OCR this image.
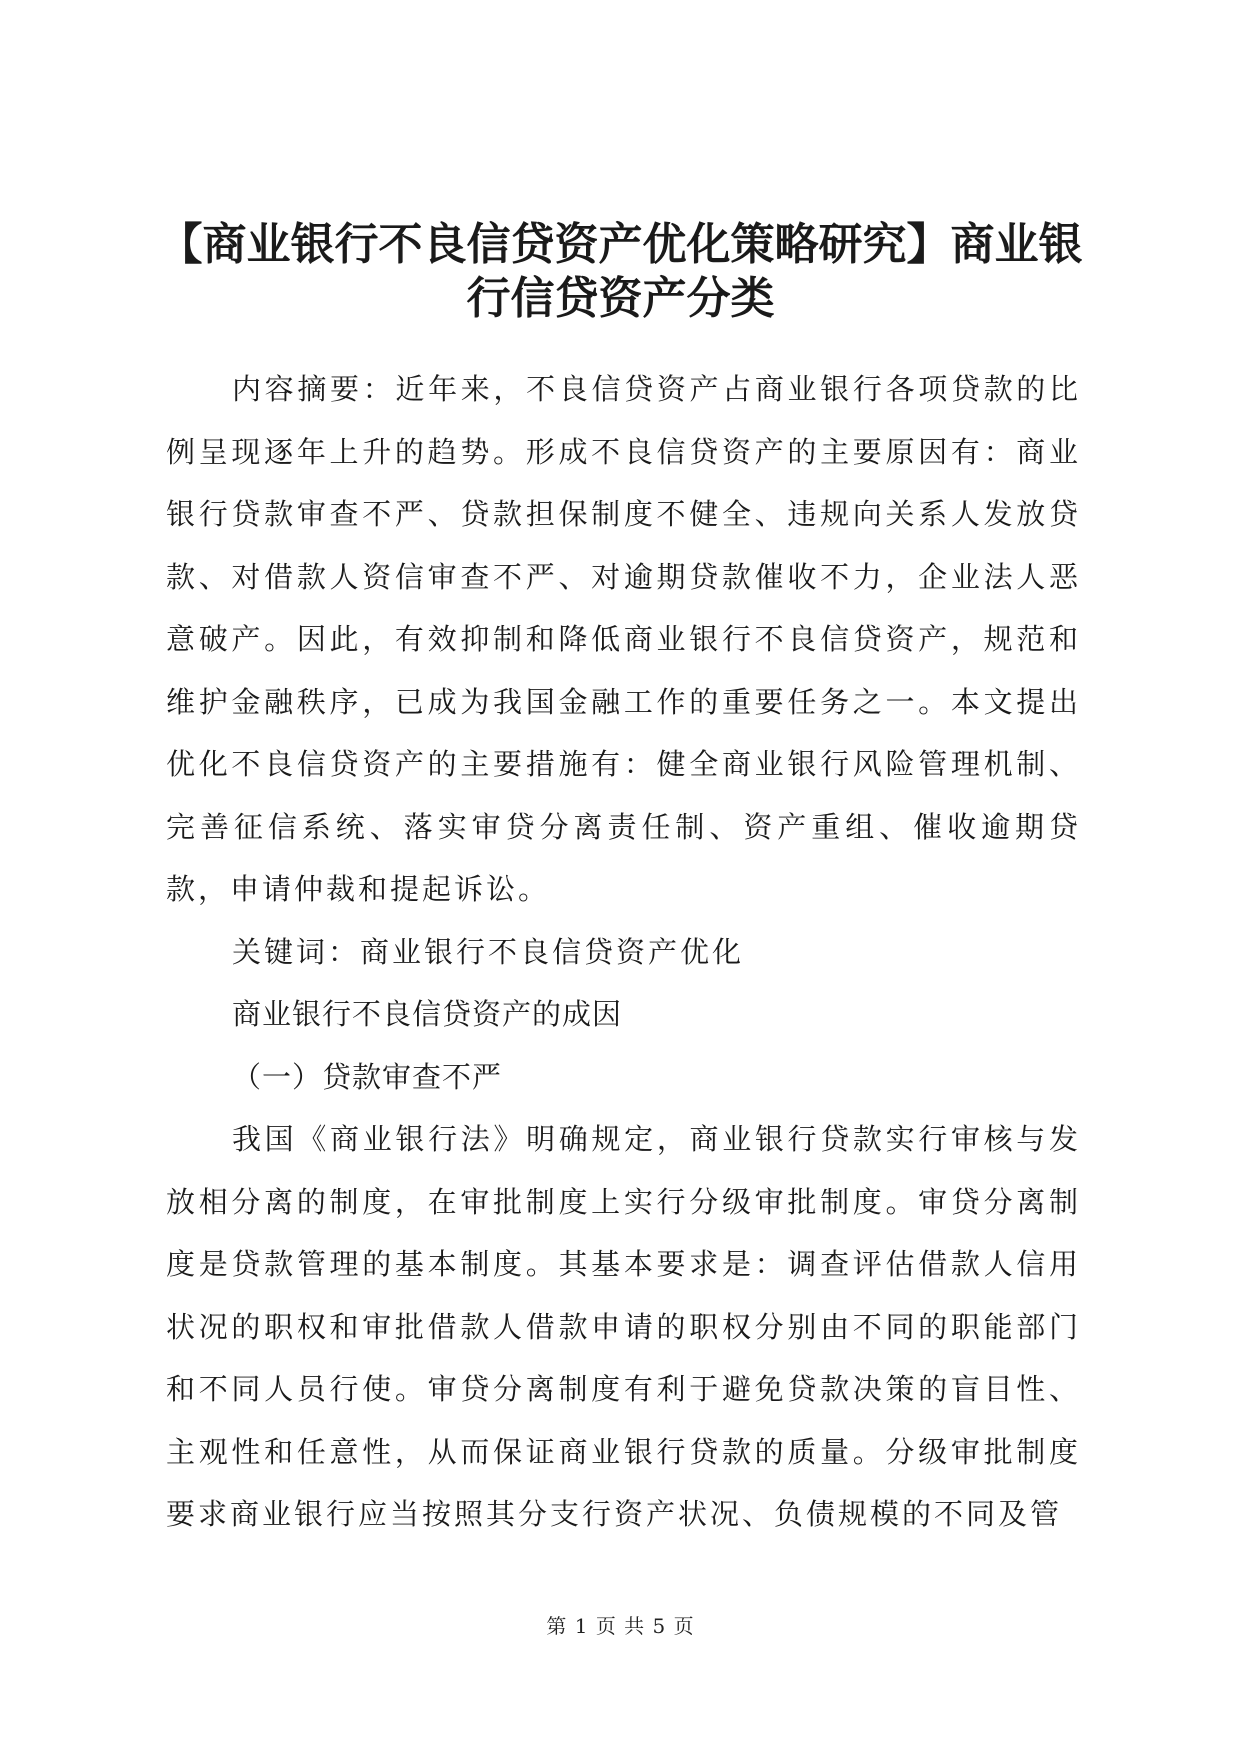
【商业银行不良信贷资产优化策略研究】商业银行信贷资产分类

内容摘要：近年来，不良信贷资产占商业银行各项贷款的比例呈现逐年上升的趋势。形成不良信贷资产的主要原因有：商业银行贷款审查不严、贷款担保制度不健全、违规向关系人发放贷款、对借款人资信审查不严、对逾期贷款催收不力，企业法人恶意破产。因此，有效抑制和降低商业银行不良信贷资产，规范和维护金融秩序，已成为我国金融工作的重要任务之一。本文提出优化不良信贷资产的主要措施有：健全商业银行风险管理机制、完善征信系统、落实审贷分离责任制、资产重组、催收逾期贷款，申请仲裁和提起诉讼。

关键词：商业银行不良信贷资产优化

商业银行不良信贷资产的成因

（一）贷款审查不严

我国《商业银行法》明确规定，商业银行贷款实行审核与发放相分离的制度，在审批制度上实行分级审批制度。审贷分离制度是贷款管理的基本制度。其基本要求是：调查评估借款人信用状况的职权和审批借款人借款申请的职权分别由不同的职能部门和不同人员行使。审贷分离制度有利于避免贷款决策的盲目性、主观性和任意性，从而保证商业银行贷款的质量。分级审批制度要求商业银行应当按照其分支行资产状况、负债规模的不同及管

第 1 页 共 5 页
